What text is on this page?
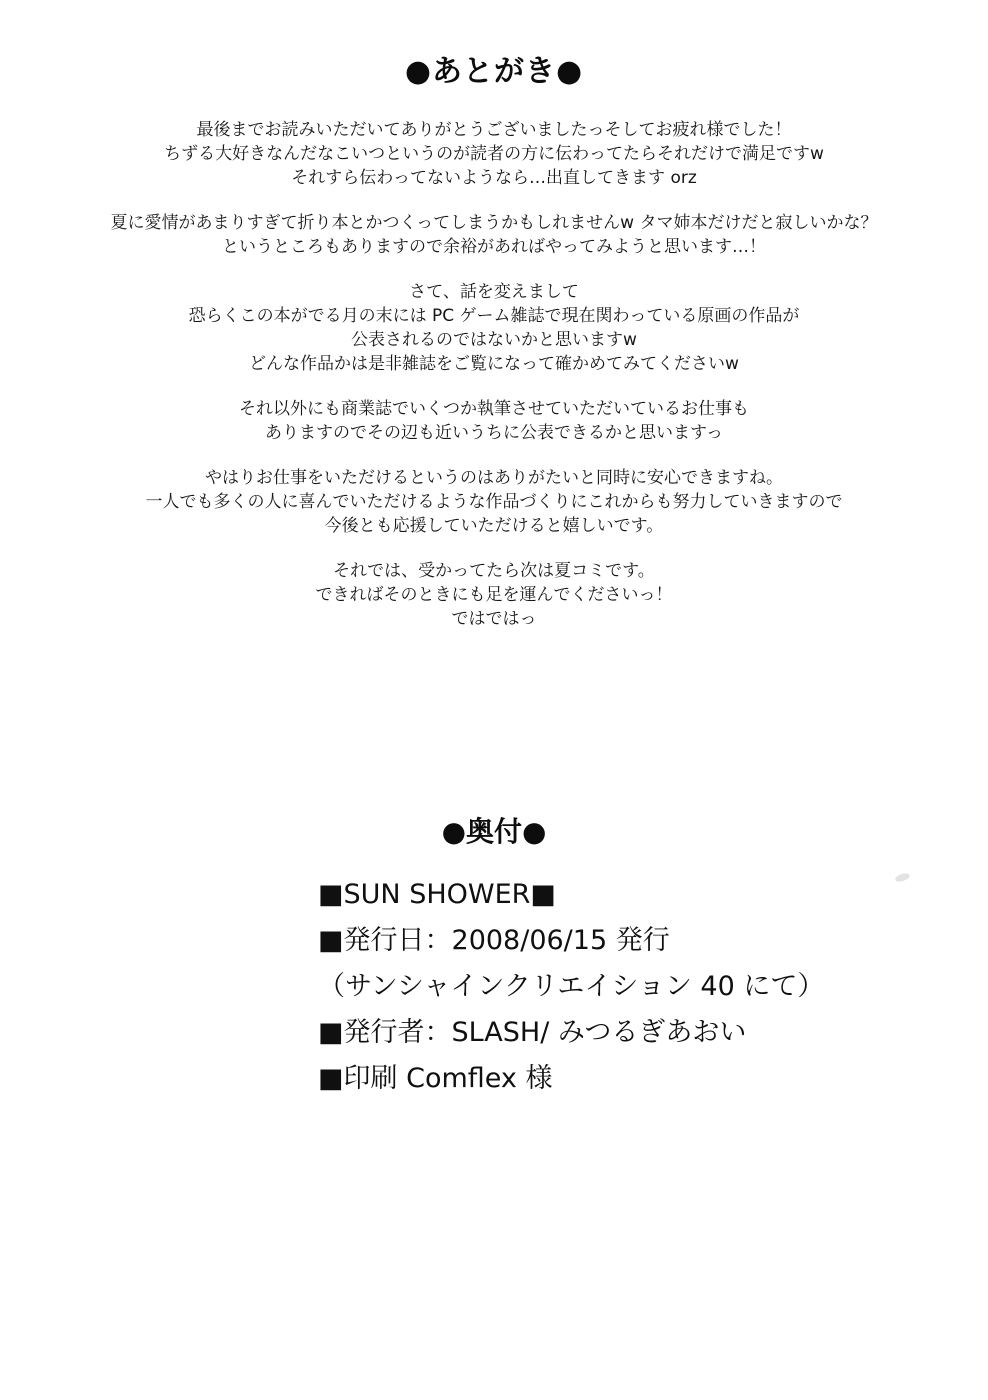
●あとがき●

最後までお読みいただいてありがとうございましたっそしてお疲れ様でした！
ちずる大好きなんだなこいつというのが読者の方に伝わってたらそれだけで満足ですw
それすら伝わってないようなら…出直してきます orz

夏に愛情があまりすぎて折り本とかつくってしまうかもしれませんw タマ姉本だけだと寂しいかな？
というところもありますので余裕があればやってみようと思います…！

さて、話を変えまして
恐らくこの本がでる月の末には PC ゲーム雑誌で現在関わっている原画の作品が
公表されるのではないかと思いますw
どんな作品かは是非雑誌をご覧になって確かめてみてくださいw

それ以外にも商業誌でいくつか執筆させていただいているお仕事も
ありますのでその辺も近いうちに公表できるかと思いますっ

やはりお仕事をいただけるというのはありがたいと同時に安心できますね。
一人でも多くの人に喜んでいただけるような作品づくりにこれからも努力していきますので
今後とも応援していただけると嬉しいです。

それでは、受かってたら次は夏コミです。
できればそのときにも足を運んでくださいっ！
ではではっ

●奥付●
■SUN SHOWER■
■発行日：2008/06/15 発行
（サンシャインクリエイション 40 にて）
■発行者：SLASH/ みつるぎあおい
■印刷 Comflex 様
